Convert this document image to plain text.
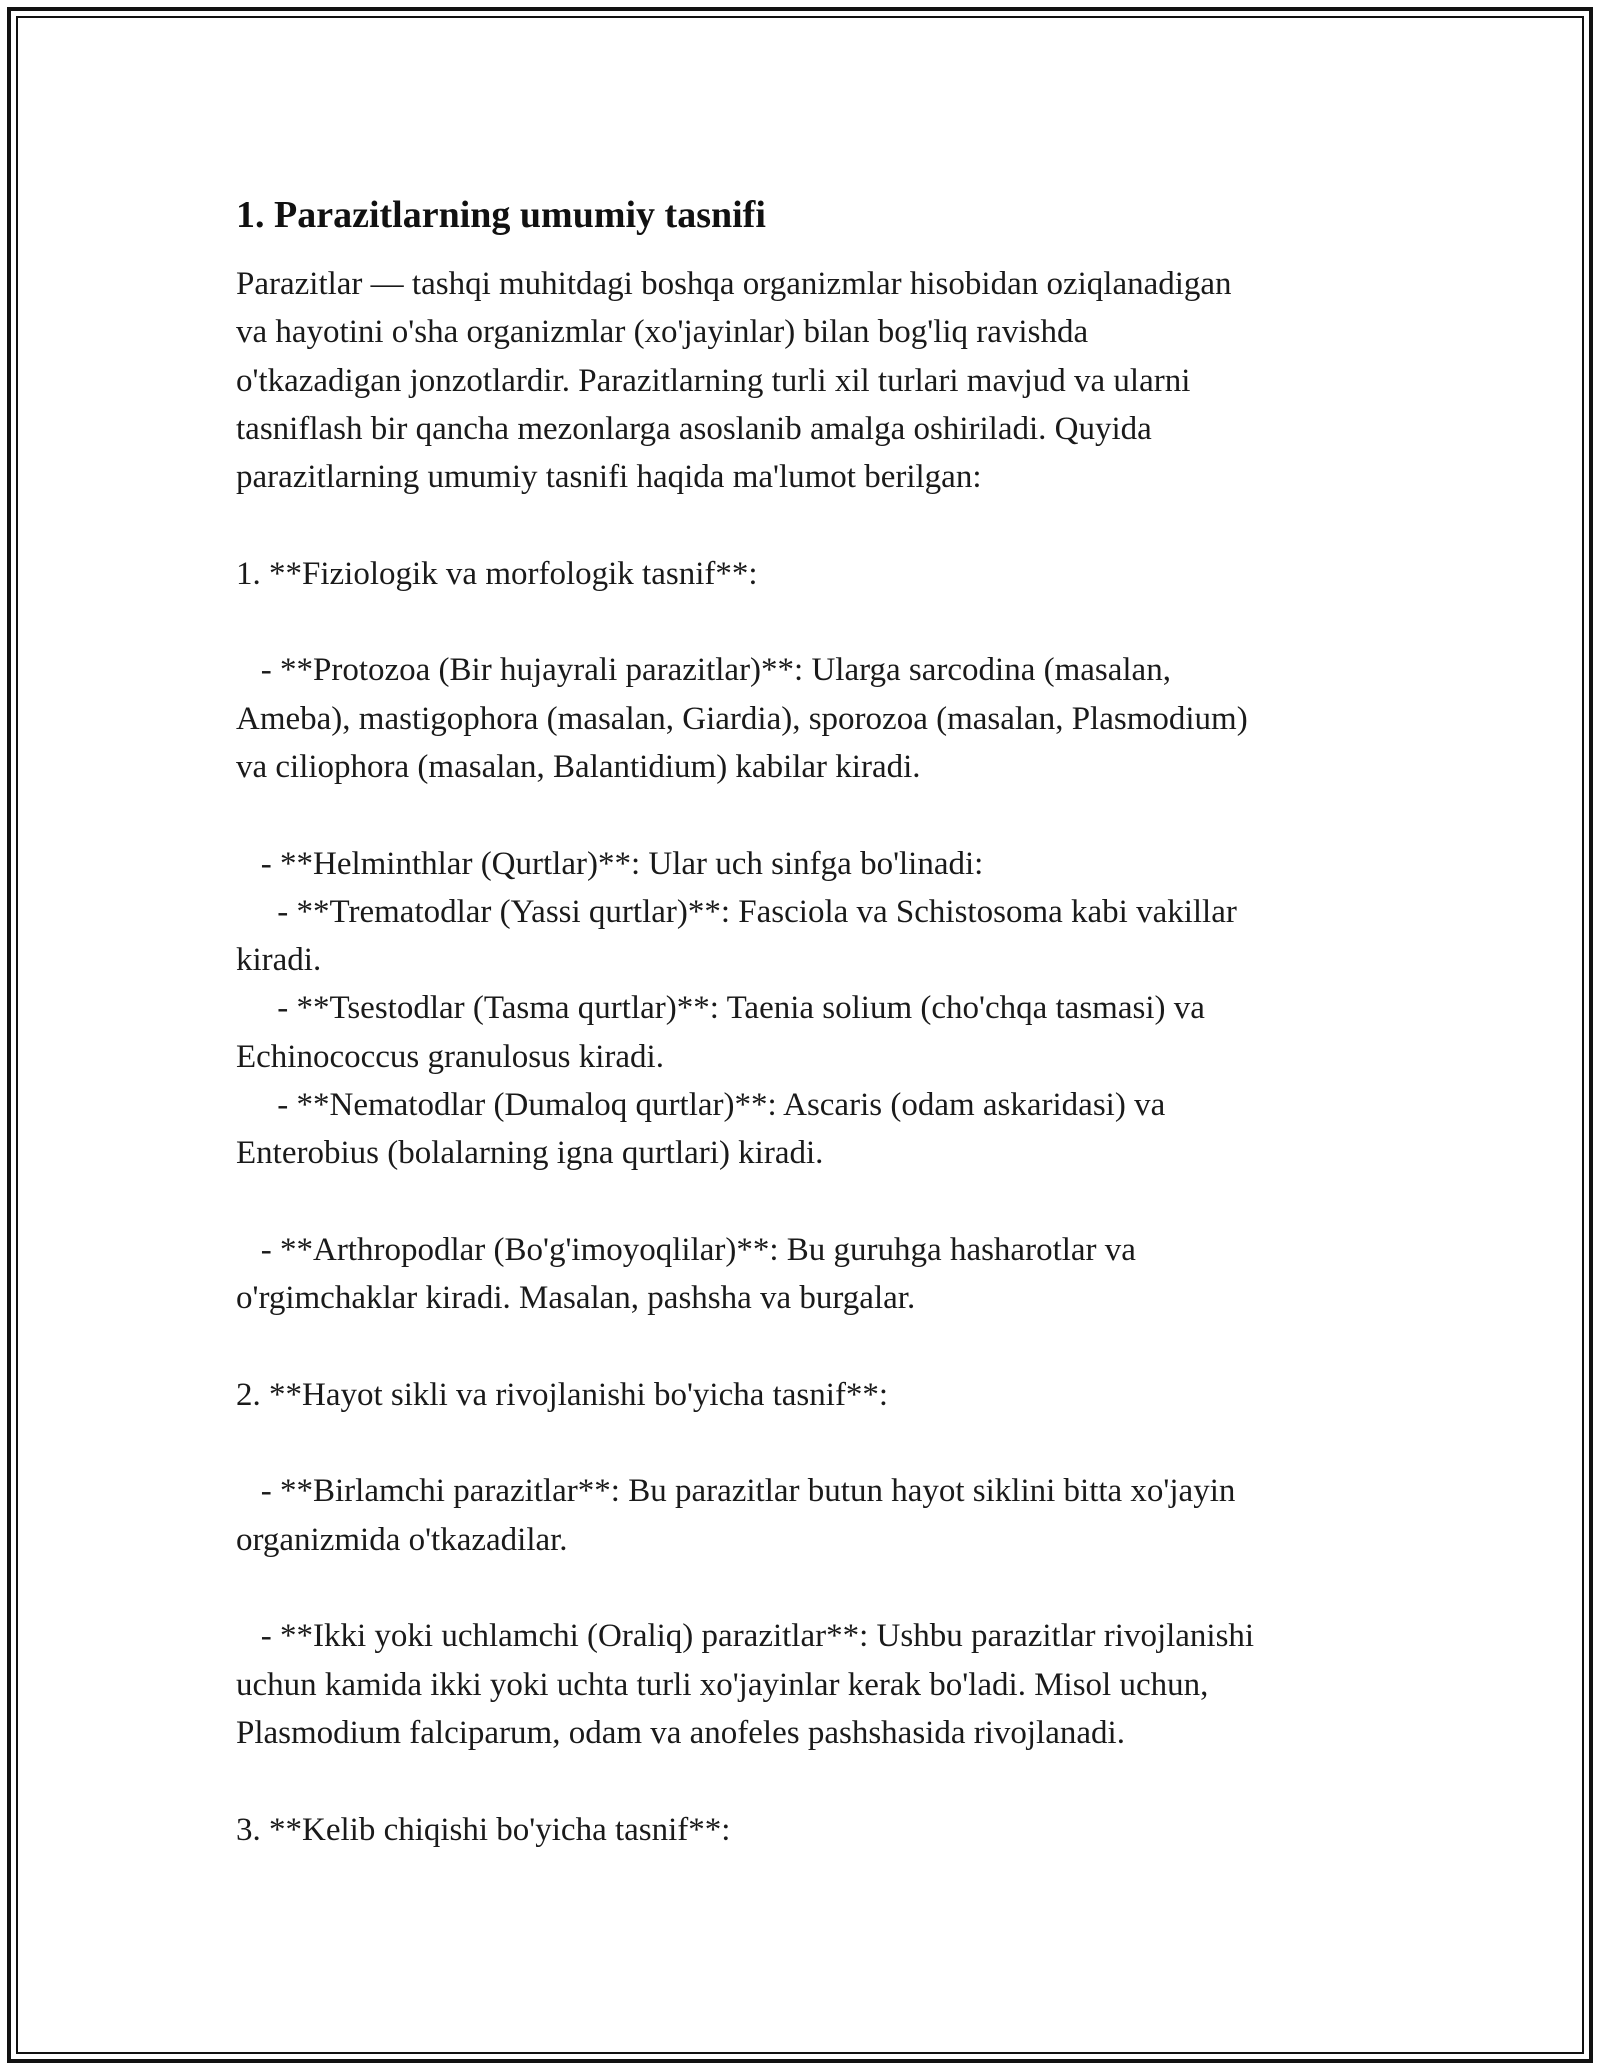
1. Parazitlarning umumiy tasnifi
Parazitlar — tashqi muhitdagi boshqa organizmlar hisobidan oziqlanadigan
va hayotini o'sha organizmlar (xo'jayinlar) bilan bog'liq ravishda
o'tkazadigan jonzotlardir. Parazitlarning turli xil turlari mavjud va ularni
tasniflash bir qancha mezonlarga asoslanib amalga oshiriladi. Quyida
parazitlarning umumiy tasnifi haqida ma'lumot berilgan:
1. **Fiziologik va morfologik tasnif**:
- **Protozoa (Bir hujayrali parazitlar)**: Ularga sarcodina (masalan,
Ameba), mastigophora (masalan, Giardia), sporozoa (masalan, Plasmodium)
va ciliophora (masalan, Balantidium) kabilar kiradi.
- **Helminthlar (Qurtlar)**: Ular uch sinfga bo'linadi:
- **Trematodlar (Yassi qurtlar)**: Fasciola va Schistosoma kabi vakillar
kiradi.
- **Tsestodlar (Tasma qurtlar)**: Taenia solium (cho'chqa tasmasi) va
Echinococcus granulosus kiradi.
- **Nematodlar (Dumaloq qurtlar)**: Ascaris (odam askaridasi) va
Enterobius (bolalarning igna qurtlari) kiradi.
- **Arthropodlar (Bo'g'imoyoqlilar)**: Bu guruhga hasharotlar va
o'rgimchaklar kiradi. Masalan, pashsha va burgalar.
2. **Hayot sikli va rivojlanishi bo'yicha tasnif**:
- **Birlamchi parazitlar**: Bu parazitlar butun hayot siklini bitta xo'jayin
organizmida o'tkazadilar.
- **Ikki yoki uchlamchi (Oraliq) parazitlar**: Ushbu parazitlar rivojlanishi
uchun kamida ikki yoki uchta turli xo'jayinlar kerak bo'ladi. Misol uchun,
Plasmodium falciparum, odam va anofeles pashshasida rivojlanadi.
3. **Kelib chiqishi bo'yicha tasnif**:
